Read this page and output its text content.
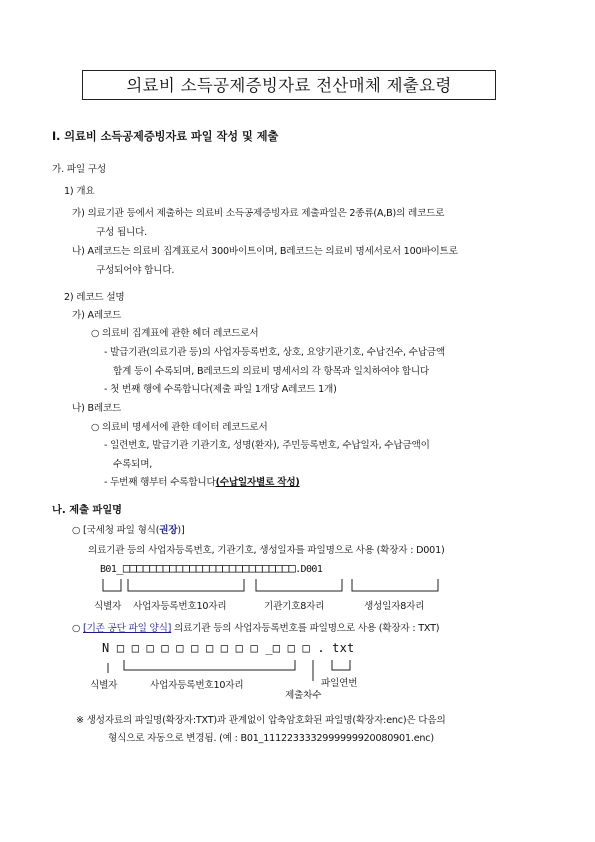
의료비 소득공제증빙자료 전산매체 제출요령
Ⅰ. 의료비 소득공제증빙자료 파일 작성 및 제출
가. 파일 구성
1) 개요
가) 의료기관 등에서 제출하는 의료비 소득공제증빙자료 제출파일은 2종류(A,B)의 레코드로
구성 됩니다.
나) A레코드는 의료비 집계표로서 300바이트이며, B레코드는 의료비 명세서로서 100바이트로
구성되어야 합니다.
2) 레코드 설명
가) A레코드
○ 의료비 집계표에 관한 헤더 레코드로서
- 발급기관(의료기관 등)의 사업자등록번호, 상호, 요양기관기호, 수납건수, 수납금액
합계 등이 수록되며, B레코드의 의료비 명세서의 각 항목과 일치하여야 합니다
- 첫 번째 행에 수록합니다(제출 파일 1개당 A레코드 1개)
나) B레코드
○ 의료비 명세서에 관한 데이터 레코드로서
- 일련번호, 발급기관 기관기호, 성명(환자), 주민등록번호, 수납일자, 수납금액이
수록되며,
- 두번째 행부터 수록합니다(수납일자별로 작성)
나. 제출 파일명
○ [국세청 파일 형식(권장)]
의료기관 등의 사업자등록번호, 기관기호, 생성일자를 파일명으로 사용 (확장자 : D001)
B01_□□□□□□□□□□□□□□□□□□□□□□□□□□.D001
식별자 사업자등록번호10자리	기관기호8자리	생성일자8자리
○ [기존 공단 파일 양식] 의료기관 등의 사업자등록번호를 파일명으로 사용 (확장자 : TXT)
N □ □ □ □ □ □ □ □ □ □ _□ □ □ . txt
식별자	사업자등록번호10자리	파일연번
제출차수
※ 생성자료의 파일명(확장자:TXT)과 관계없이 압축암호화된 파일명(확장자:enc)은 다음의
형식으로 자동으로 변경됨. (예 : B01_1112233332999999920080901.enc)
